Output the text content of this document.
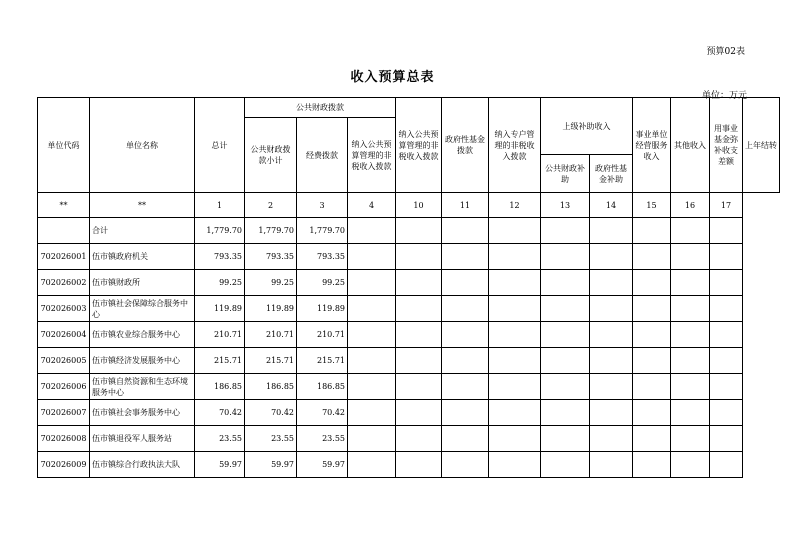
预算02表
收入预算总表
单位：万元
单位代码	单位名称	总计	公共财政拨款			纳入公共预算管理的非税收入拨款	政府性基金拨款	纳入专户管理的非税收入拨款	上级补助收入		事业单位经营服务收入	其他收入	用事业基金弥补收支差额	上年结转
			公共财政拨款小计	经费拨款	纳入公共预算管理的非税收入拨款									
									公共财政补助	政府性基金补助				
**	**	1	2	3	4	10	11	12	13	14	15	16	17	
	合计	1,779.70	1,779.70	1,779.70										
702026001	伍市镇政府机关	793.35	793.35	793.35										
702026002	伍市镇财政所	99.25	99.25	99.25										
702026003	伍市镇社会保障综合服务中心	119.89	119.89	119.89										
702026004	伍市镇农业综合服务中心	210.71	210.71	210.71										
702026005	伍市镇经济发展服务中心	215.71	215.71	215.71										
702026006	伍市镇自然资源和生态环境服务中心	186.85	186.85	186.85										
702026007	伍市镇社会事务服务中心	70.42	70.42	70.42										
702026008	伍市镇退役军人服务站	23.55	23.55	23.55										
702026009	伍市镇综合行政执法大队	59.97	59.97	59.97										
